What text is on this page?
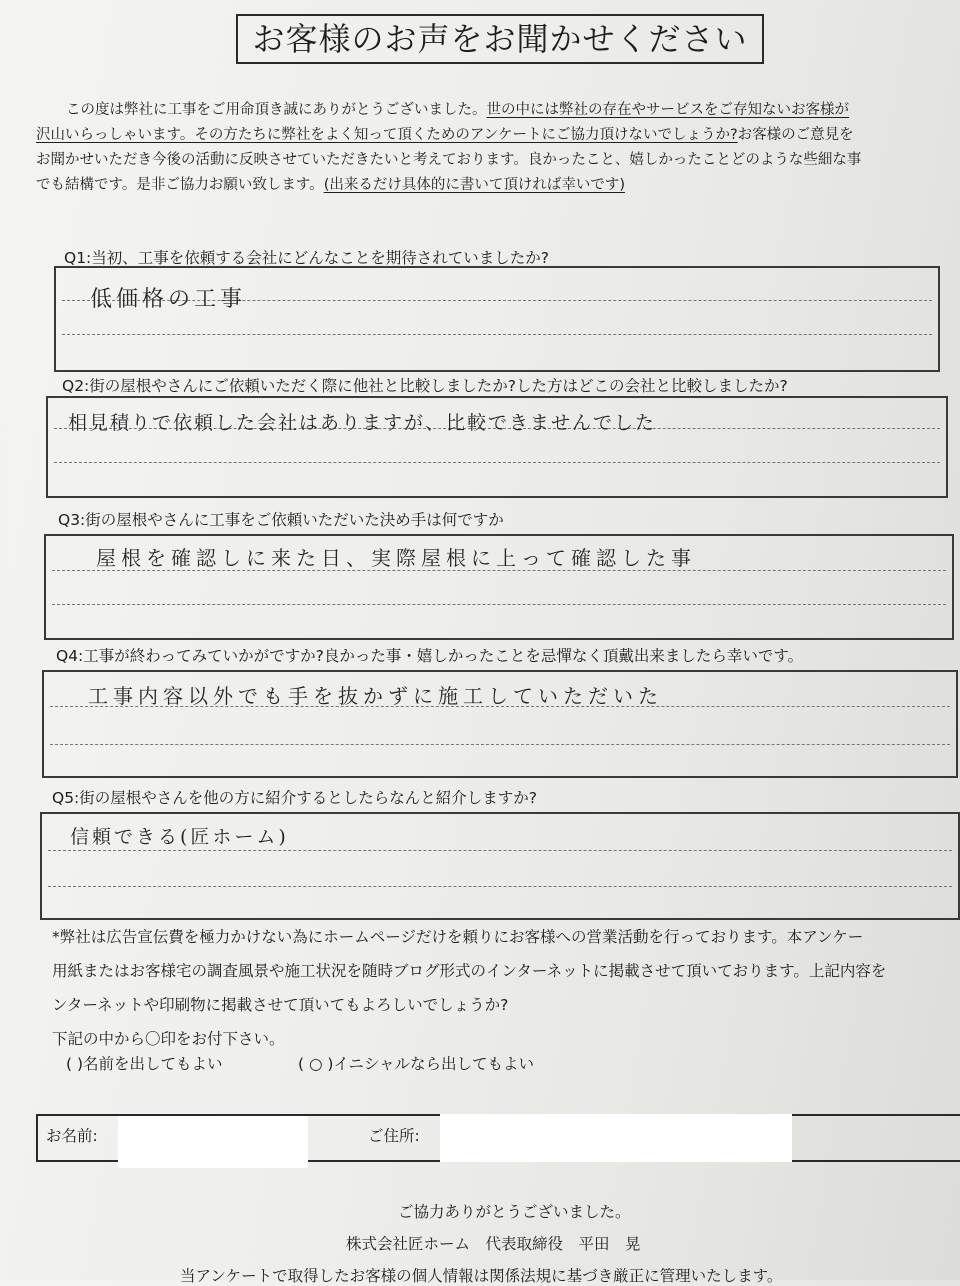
お客様のお声をお聞かせください
この度は弊社に工事をご用命頂き誠にありがとうございました。世の中には弊社の存在やサービスをご存知ないお客様が
沢山いらっしゃいます。その方たちに弊社をよく知って頂くためのアンケートにご協力頂けないでしょうか?お客様のご意見を
お聞かせいただき今後の活動に反映させていただきたいと考えております。良かったこと、嬉しかったことどのような些細な事
でも結構です。是非ご協力お願い致します。(出来るだけ具体的に書いて頂ければ幸いです)
Q1:当初、工事を依頼する会社にどんなことを期待されていましたか?
低価格の工事
Q2:街の屋根やさんにご依頼いただく際に他社と比較しましたか?した方はどこの会社と比較しましたか?
相見積りで依頼した会社はありますが、比較できませんでした
Q3:街の屋根やさんに工事をご依頼いただいた決め手は何ですか
屋根を確認しに来た日、実際屋根に上って確認した事
Q4:工事が終わってみていかがですか?良かった事・嬉しかったことを忌憚なく頂戴出来ましたら幸いです。
工事内容以外でも手を抜かずに施工していただいた
Q5:街の屋根やさんを他の方に紹介するとしたらなんと紹介しますか?
信頼できる(匠ホーム)
*弊社は広告宣伝費を極力かけない為にホームページだけを頼りにお客様への営業活動を行っております。本アンケー
用紙またはお客様宅の調査風景や施工状況を随時ブログ形式のインターネットに掲載させて頂いております。上記内容を
ンターネットや印刷物に掲載させて頂いてもよろしいでしょうか?
下記の中から〇印をお付下さい。
( )名前を出してもよい	( ○ )イニシャルなら出してもよい
お名前:	ご住所:
ご協力ありがとうございました。
株式会社匠ホーム　代表取締役　平田　晃
当アンケートで取得したお客様の個人情報は関係法規に基づき厳正に管理いたします。
